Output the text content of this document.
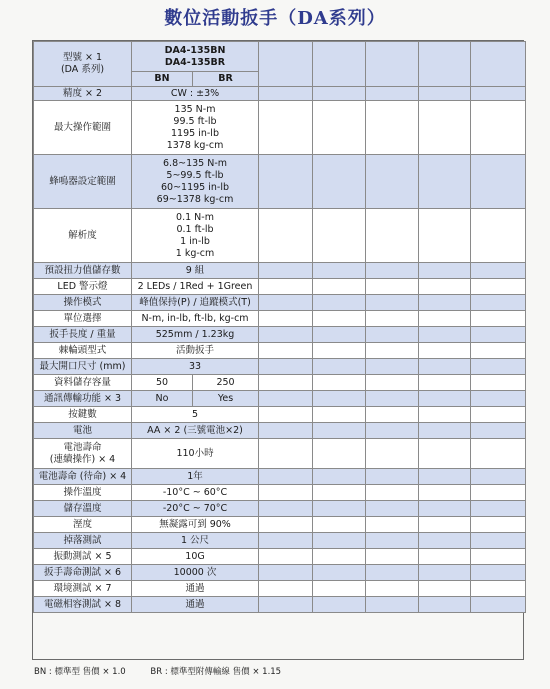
數位活動扳手（DA系列）
型號 × 1
(DA 系列)	DA4-135BN
DA4-135BR						

	BN	BR					
精度 × 2	CW : ±3%						
最大操作範圍	135 N-m
99.5 ft-lb
1195 in-lb
1378 kg-cm						

蜂鳴器設定範圍	6.8~135 N-m
5~99.5 ft-lb
60~1195 in-lb
69~1378 kg-cm						

解析度	0.1 N-m
0.1 ft-lb
1 in-lb
1 kg-cm						

預設扭力值儲存數	9 組						
LED 警示燈	2 LEDs / 1Red + 1Green						
操作模式	峰值保持(P) / 追蹤模式(T)						
單位選擇	N-m, in-lb, ft-lb, kg-cm						
扳手長度 / 重量	525mm / 1.23kg						
棘輪頭型式	活動扳手						
最大開口尺寸 (mm)	33						
資料儲存容量	50	250					
通訊傳輸功能 × 3	No	Yes					
按鍵數	5						
電池	AA × 2 (三號電池×2)						

電池壽命
(連續操作) × 4	110小時						
電池壽命 (待命) × 4	1年						
操作溫度	-10°C ~ 60°C						
儲存溫度	-20°C ~ 70°C						
溼度	無凝露可到 90%						
掉落測試	1 公尺						
振動測試 × 5	10G						
扳手壽命測試 × 6	10000 次						
環境測試 × 7	通過						
電磁相容測試 × 8	通過						
BN : 標準型 售價 × 1.0	BR : 標準型附傳輸線 售價 × 1.15
